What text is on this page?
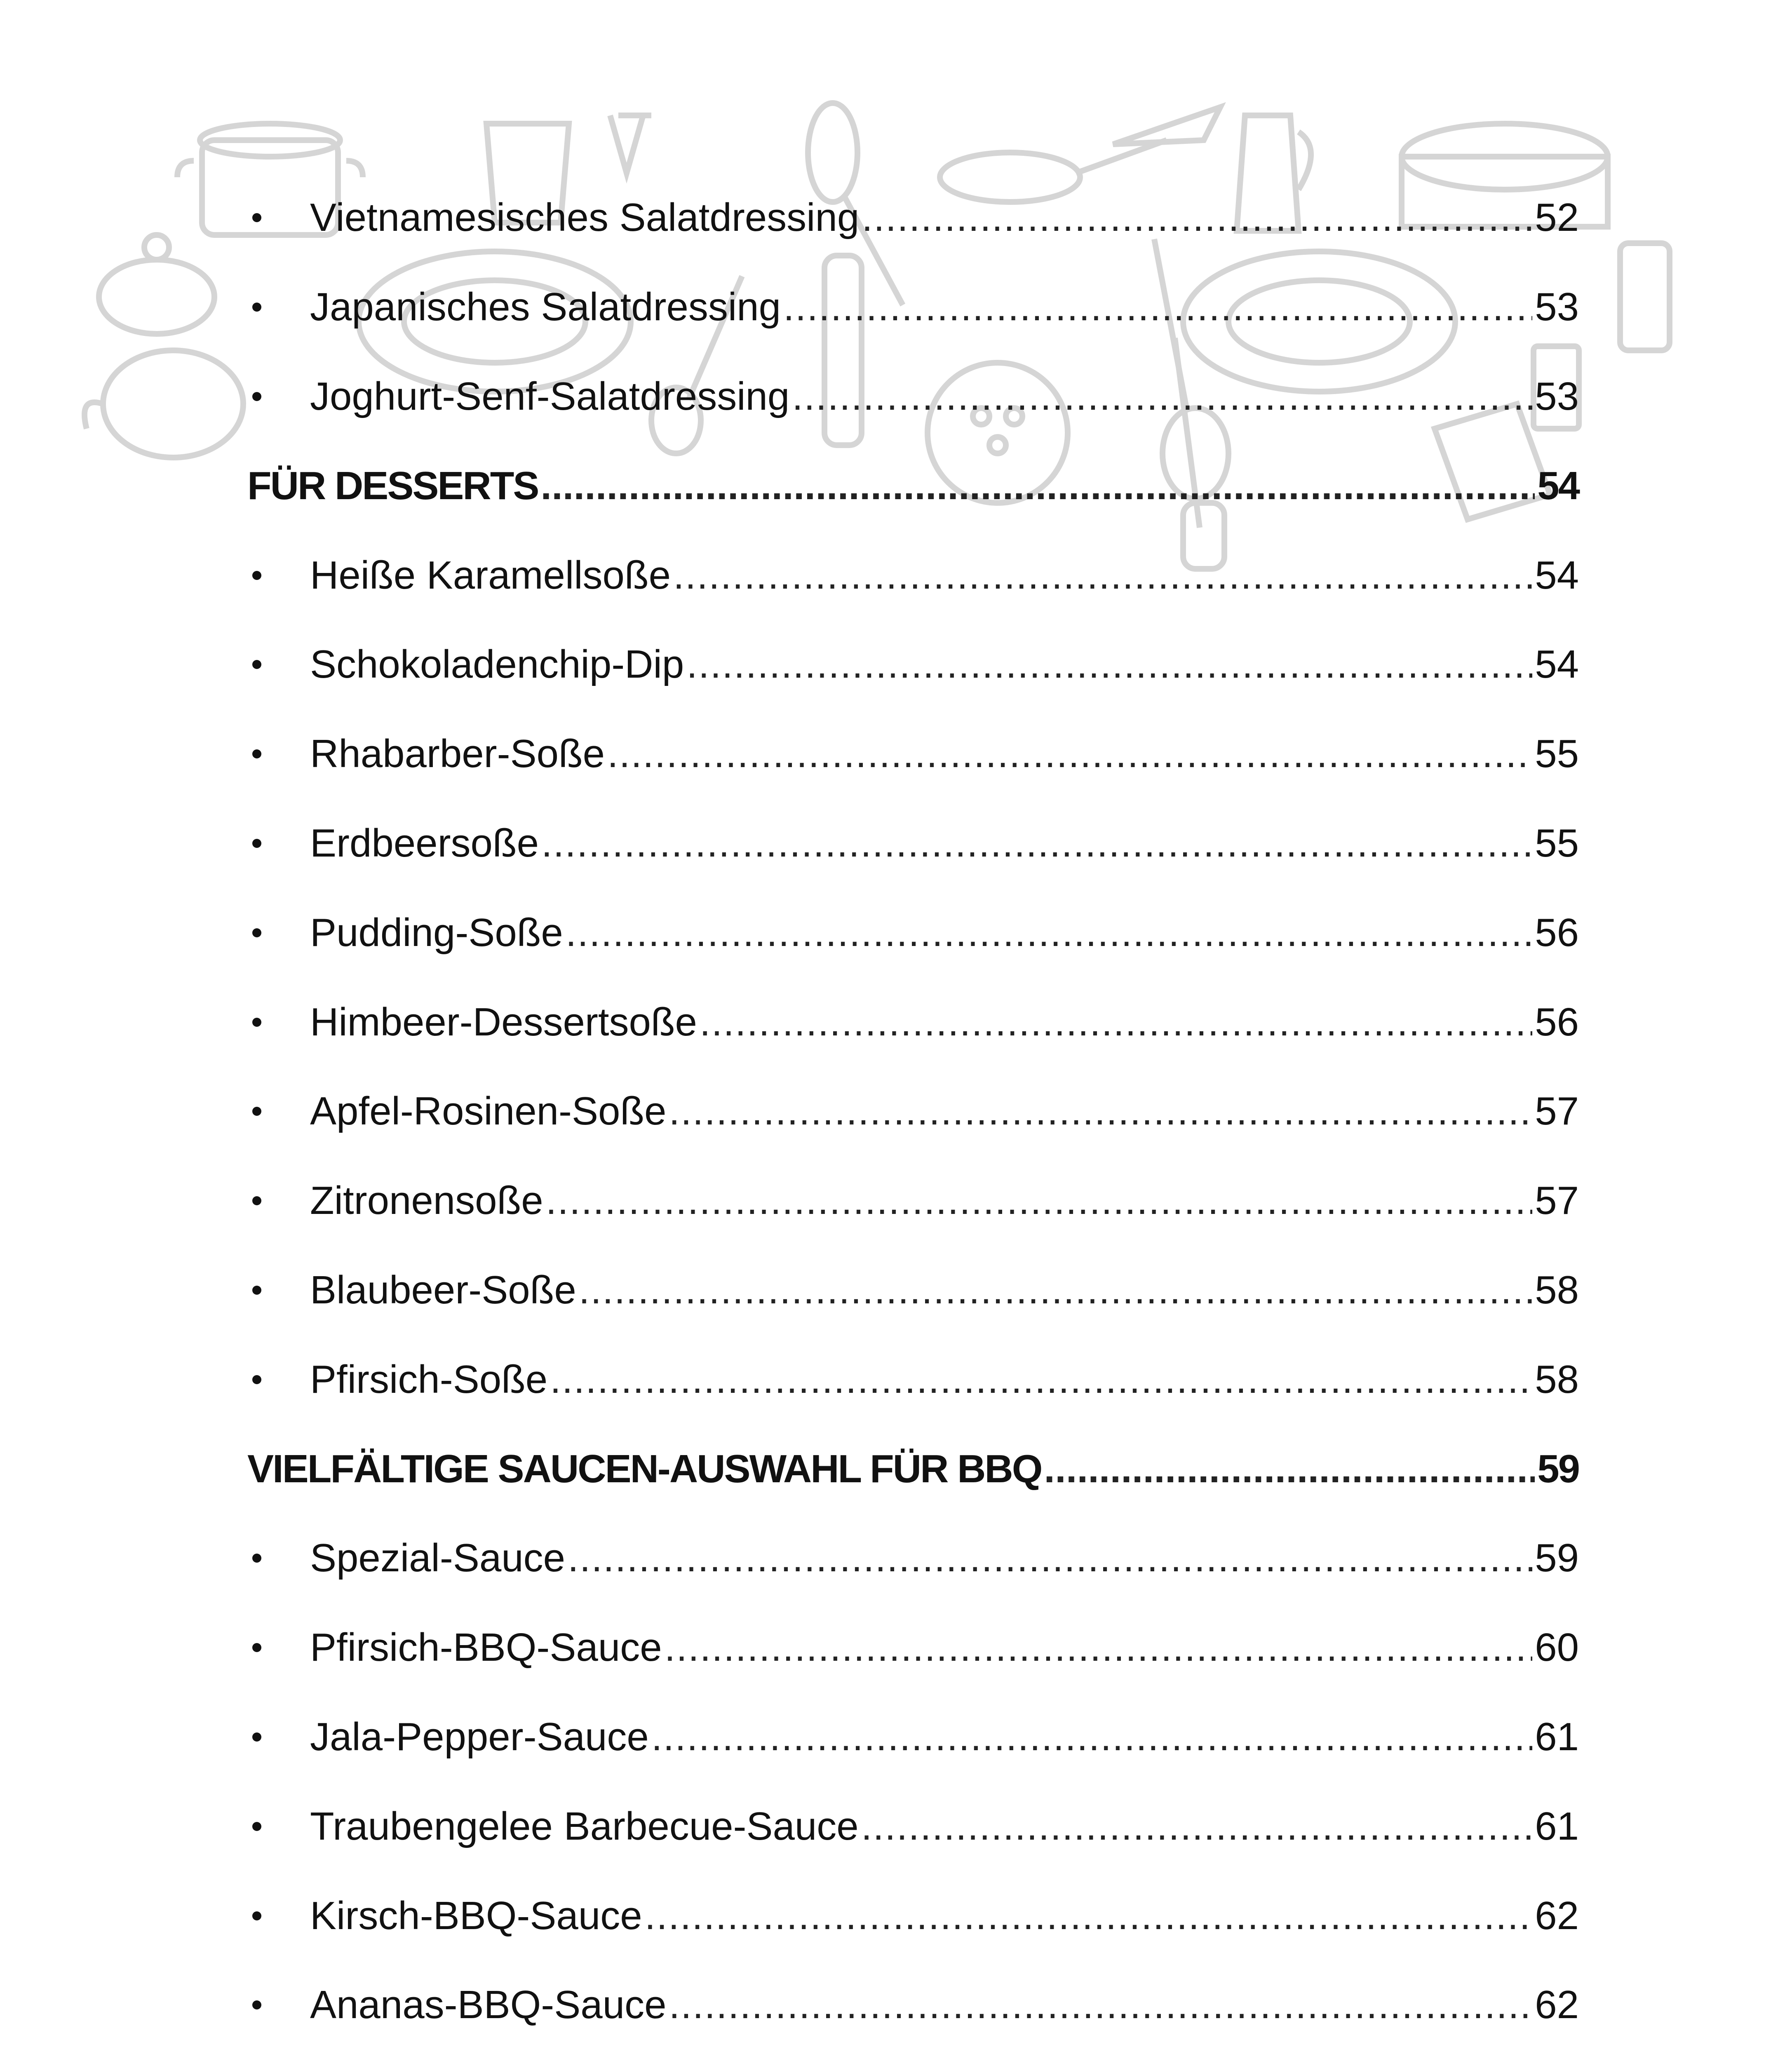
Vietnamesisches Salatdressing .....	52
Japanisches Salatdressing .....	53
Joghurt-Senf-Salatdressing .....	53
FÜR DESSERTS .....	54
Heiße Karamellsoße .....	54
Schokoladenchip-Dip .....	54
Rhabarber-Soße .....	55
Erdbeersoße .....	55
Pudding-Soße .....	56
Himbeer-Dessertsoße .....	56
Apfel-Rosinen-Soße .....	57
Zitronensoße .....	57
Blaubeer-Soße .....	58
Pfirsich-Soße .....	58
VIELFÄLTIGE SAUCEN-AUSWAHL FÜR BBQ .....	59
Spezial-Sauce .....	59
Pfirsich-BBQ-Sauce .....	60
Jala-Pepper-Sauce .....	61
Traubengelee Barbecue-Sauce .....	61
Kirsch-BBQ-Sauce .....	62
Ananas-BBQ-Sauce .....	62
